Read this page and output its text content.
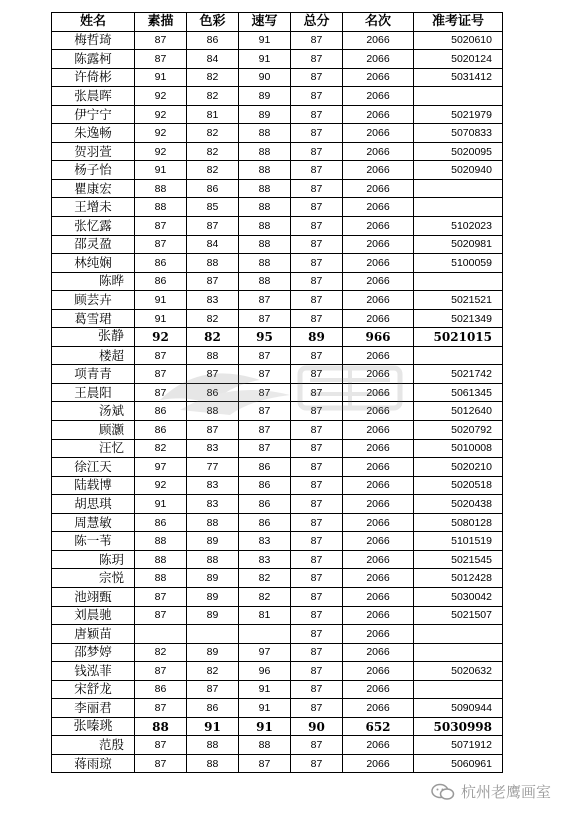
姓名	素描	色彩	速写	总分	名次	准考证号
梅哲琦	87	86	91	87	2066	5020610
陈露柯	87	84	91	87	2066	5020124
许倚彬	91	82	90	87	2066	5031412
张晨晖	92	82	89	87	2066	
伊宁宁	92	81	89	87	2066	5021979
朱逸畅	92	82	88	87	2066	5070833
贺羽萱	92	82	88	87	2066	5020095
杨子怡	91	82	88	87	2066	5020940
瞿康宏	88	86	88	87	2066	
王增未	88	85	88	87	2066	
张忆露	87	87	88	87	2066	5102023
邵灵盈	87	84	88	87	2066	5020981
林纯娴	86	88	88	87	2066	5100059
陈晔	86	87	88	87	2066	
顾芸卉	91	83	87	87	2066	5021521
葛雪珺	91	82	87	87	2066	5021349
张静	92	82	95	89	966	5021015
楼超	87	88	87	87	2066	
项青青	87	87	87	87	2066	5021742
王晨阳	87	86	87	87	2066	5061345
汤斌	86	88	87	87	2066	5012640
顾灏	86	87	87	87	2066	5020792
汪忆	82	83	87	87	2066	5010008
徐江天	97	77	86	87	2066	5020210
陆载博	92	83	86	87	2066	5020518
胡思琪	91	83	86	87	2066	5020438
周慧敏	86	88	86	87	2066	5080128
陈一苇	88	89	83	87	2066	5101519
陈玥	88	88	83	87	2066	5021545
宗悦	88	89	82	87	2066	5012428
池翊甄	87	89	82	87	2066	5030042
刘晨驰	87	89	81	87	2066	5021507
唐颖苗				87	2066	
邵梦婷	82	89	97	87	2066	
钱泓菲	87	82	96	87	2066	5020632
宋舒龙	86	87	91	87	2066	
李丽君	87	86	91	87	2066	5090944
张嗪珧	88	91	91	90	652	5030998
范殷	87	88	88	87	2066	5071912
蒋雨琼	87	88	87	87	2066	5060961
杭州老鹰画室
